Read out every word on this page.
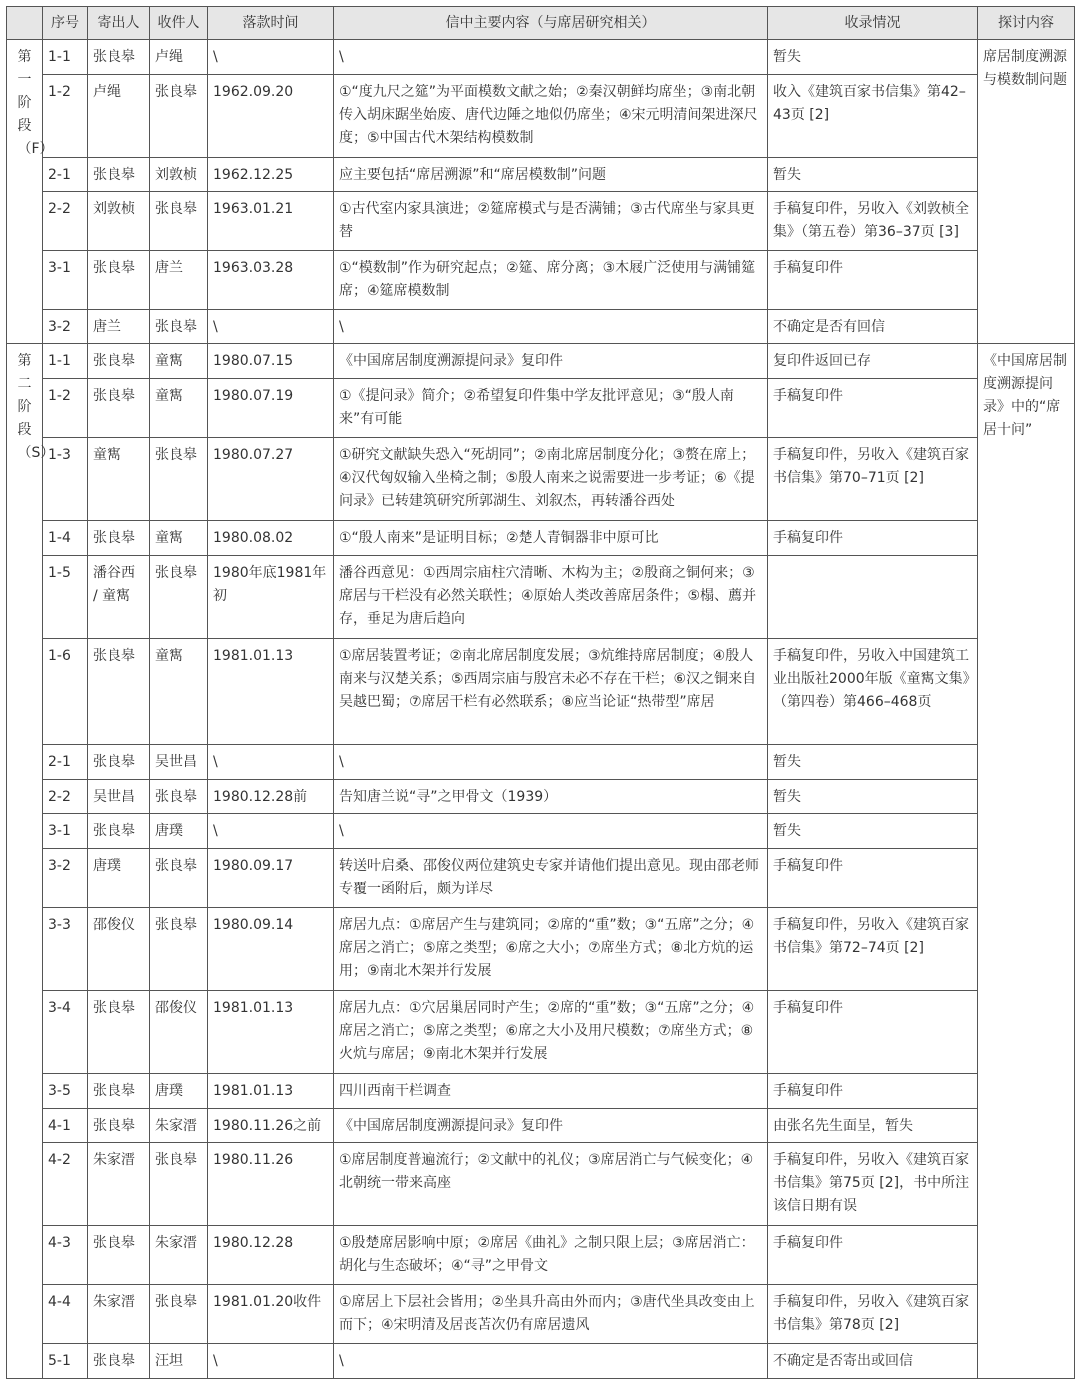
	序号	寄出人	收件人	落款时间	信中主要内容（与席居研究相关）	收录情况	探讨内容

第一阶段（F）	1-1	张良皋	卢绳	\	\	暂失	席居制度溯源与模数制问题
	1-2	卢绳	张良皋	1962.09.20	①“度九尺之筵”为平面模数文献之始；②秦汉朝鲜均席坐；③南北朝传入胡床踞坐始废、唐代边陲之地似仍席坐；④宋元明清间架进深尺度；⑤中国古代木架结构模数制	收入《建筑百家书信集》第42–43页 [2]	
	2-1	张良皋	刘敦桢	1962.12.25	应主要包括“席居溯源”和“席居模数制”问题	暂失	
	2-2	刘敦桢	张良皋	1963.01.21	①古代室内家具演进；②筵席模式与是否满铺；③古代席坐与家具更替	手稿复印件，另收入《刘敦桢全集》（第五卷）第36–37页 [3]	
	3-1	张良皋	唐兰	1963.03.28	①“模数制”作为研究起点；②筵、席分离；③木屐广泛使用与满铺筵席；④筵席模数制	手稿复印件	
	3-2	唐兰	张良皋	\	\	不确定是否有回信	

第二阶段（S）	1-1	张良皋	童寯	1980.07.15	《中国席居制度溯源提问录》复印件	复印件返回已存	《中国席居制度溯源提问录》中的“席居十问”
	1-2	张良皋	童寯	1980.07.19	①《提问录》简介；②希望复印件集中学友批评意见；③“殷人南来”有可能	手稿复印件	
	1-3	童寯	张良皋	1980.07.27	①研究文献缺失恐入“死胡同”；②南北席居制度分化；③赘在席上；④汉代匈奴输入坐椅之制；⑤殷人南来之说需要进一步考证；⑥《提问录》已转建筑研究所郭湖生、刘叙杰，再转潘谷西处	手稿复印件，另收入《建筑百家书信集》第70–71页 [2]	
	1-4	张良皋	童寯	1980.08.02	①“殷人南来”是证明目标；②楚人青铜器非中原可比	手稿复印件	
	1-5	潘谷西 / 童寯	张良皋	1980年底1981年初	潘谷西意见：①西周宗庙柱穴清晰、木构为主；②殷商之铜何来；③席居与干栏没有必然关联性；④原始人类改善席居条件；⑤榻、薦并存，垂足为唐后趋向		
	1-6	张良皋	童寯	1981.01.13	①席居装置考证；②南北席居制度发展；③炕维持席居制度；④殷人南来与汉楚关系；⑤西周宗庙与殷宫未必不存在干栏；⑥汉之铜来自吴越巴蜀；⑦席居干栏有必然联系；⑧应当论证“热带型”席居	手稿复印件，另收入中国建筑工业出版社2000年版《童寯文集》（第四卷）第466–468页	
	2-1	张良皋	吴世昌	\	\	暂失	
	2-2	吴世昌	张良皋	1980.12.28前	告知唐兰说“寻”之甲骨文（1939）	暂失	
	3-1	张良皋	唐璞	\	\	暂失	
	3-2	唐璞	张良皋	1980.09.17	转送叶启桑、邵俊仪两位建筑史专家并请他们提出意见。现由邵老师专覆一函附后，颇为详尽	手稿复印件	
	3-3	邵俊仪	张良皋	1980.09.14	席居九点：①席居产生与建筑同；②席的“重”数；③“五席”之分；④席居之消亡；⑤席之类型；⑥席之大小；⑦席坐方式；⑧北方炕的运用；⑨南北木架并行发展	手稿复印件，另收入《建筑百家书信集》第72–74页 [2]	
	3-4	张良皋	邵俊仪	1981.01.13	席居九点：①穴居巢居同时产生；②席的“重”数；③“五席”之分；④席居之消亡；⑤席之类型；⑥席之大小及用尺模数；⑦席坐方式；⑧火炕与席居；⑨南北木架并行发展	手稿复印件	
	3-5	张良皋	唐璞	1981.01.13	四川西南干栏调查	手稿复印件	
	4-1	张良皋	朱家溍	1980.11.26之前	《中国席居制度溯源提问录》复印件	由张名先生面呈，暂失	
	4-2	朱家溍	张良皋	1980.11.26	①席居制度普遍流行；②文献中的礼仪；③席居消亡与气候变化；④北朝统一带来高座	手稿复印件，另收入《建筑百家书信集》第75页 [2]，书中所注该信日期有误	
	4-3	张良皋	朱家溍	1980.12.28	①殷楚席居影响中原；②席居《曲礼》之制只限上层；③席居消亡：胡化与生态破坏；④“寻”之甲骨文	手稿复印件	
	4-4	朱家溍	张良皋	1981.01.20收件	①席居上下层社会皆用；②坐具升高由外而内；③唐代坐具改变由上而下；④宋明清及居丧苫次仍有席居遗风	手稿复印件，另收入《建筑百家书信集》第78页 [2]	
	5-1	张良皋	汪坦	\	\	不确定是否寄出或回信	
